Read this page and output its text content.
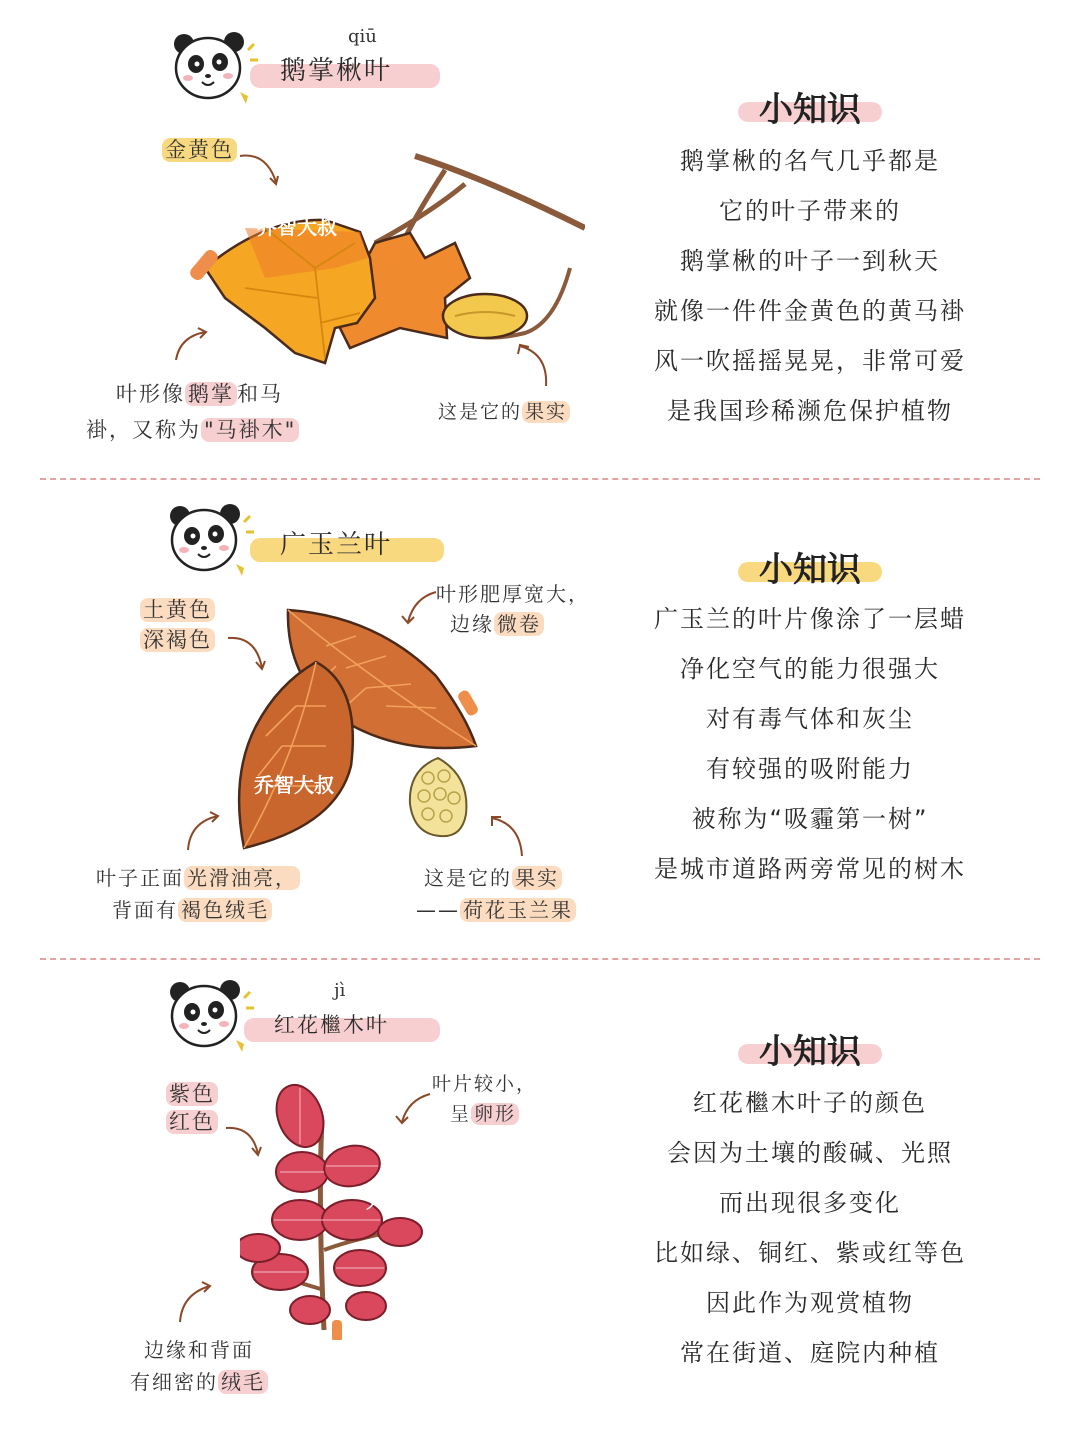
qiū
鹅掌楸叶
金黄色
乔智大叔
叶形像 鹅掌 和马
褂，又称为 "马褂木"
这是它的 果实
小知识
鹅掌楸的名气几乎都是
它的叶子带来的
鹅掌楸的叶子一到秋天
就像一件件金黄色的黄马褂
风一吹摇摇晃晃，非常可爱
是我国珍稀濒危保护植物
广玉兰叶
土黄色
深褐色
叶形肥厚宽大，
边缘 微卷
乔智大叔
叶子正面 光滑油亮，
背面有 褐色绒毛
这是它的 果实
—— 荷花玉兰果
小知识
广玉兰的叶片像涂了一层蜡
净化空气的能力很强大
对有毒气体和灰尘
有较强的吸附能力
被称为“吸霾第一树”
是城市道路两旁常见的树木
jì
红花檵木叶
紫色
红色
叶片较小，
呈 卵形
大叔
边缘和背面
有细密的 绒毛
小知识
红花檵木叶子的颜色
会因为土壤的酸碱、光照
而出现很多变化
比如绿、铜红、紫或红等色
因此作为观赏植物
常在街道、庭院内种植
